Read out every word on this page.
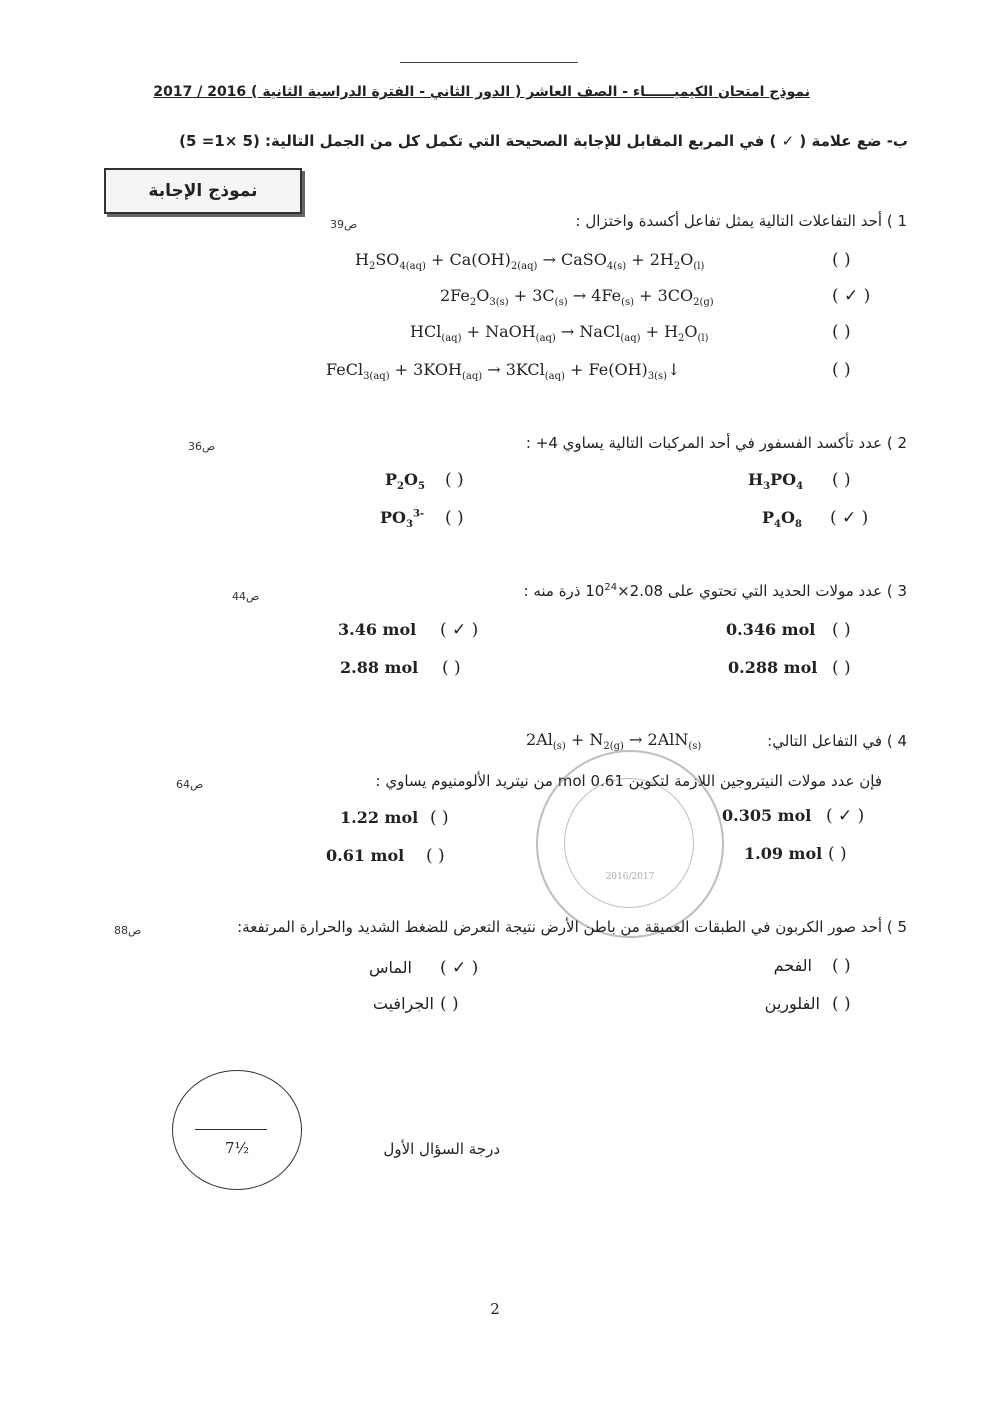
نموذج امتحان الكيميــــــاء - الصف العاشر ( الدور الثاني - الفترة الدراسية الثانية ) 2016 / 2017
ب- ضع علامة ( ✓ ) في المربع المقابل للإجابة الصحيحة التي تكمل كل من الجمل التالية: (5 ×1= 5)
نموذج الإجابة
1 ) أحد التفاعلات التالية يمثل تفاعل أكسدة واختزال :
ص39
$H_2SO_{4(aq)} + Ca(OH)_{2(aq)}$ → CaSO$_{4(s)}$ + $2H_2O_{(l)}$	( )
$2Fe_2O_{3(s)} + 3C_{(s)} \to 4Fe_{(s)} + 3CO_{2(g)}$	( ✓ )
HCl$_{(aq)}$ + NaOH$_{(aq)}$ → NaCl$_{(aq)}$ + $H_2O_{(l)}$	( )
FeCl$_{3(aq)}$ + $3KOH_{(aq)} \to 3KCl_{(aq)}$ + $Fe(OH)_{3(s)}↓$	( )
2 ) عدد تأكسد الفسفور في أحد المركبات التالية يساوي 4+ :
ص36
$H_3PO_4$ ( )
$P_2O_5$ ( )
$P_4O_8$ ( ✓ )
$PO_3^{3-}$ ( )
3 ) عدد مولات الحديد التي تحتوي على $2.08\times 10^{24}$ ذرة منه :
ص44
0.346 mol ( )
3.46 mol ( ✓ )
0.288 mol ( )
2.88 mol ( )
4 ) في التفاعل التالي:
$2Al_{(s)} + N_{2(g)} \to 2AlN_{(s)}$
فإن عدد مولات النيتروجين اللازمة لتكوين 0.61 mol من نيتريد الألومنيوم يساوي :
ص64
2016/2017
0.305 mol ( ✓ )
1.22 mol ( )
1.09 mol ( )
0.61 mol ( )
5 ) أحد صور الكربون في الطبقات العميقة من باطن الأرض نتيجة التعرض للضغط الشديد والحرارة المرتفعة:
ص88
الفحم ( )
الماس ( ✓ )
الفلورين ( )
الجرافيت ( )
7½	درجة السؤال الأول
2
